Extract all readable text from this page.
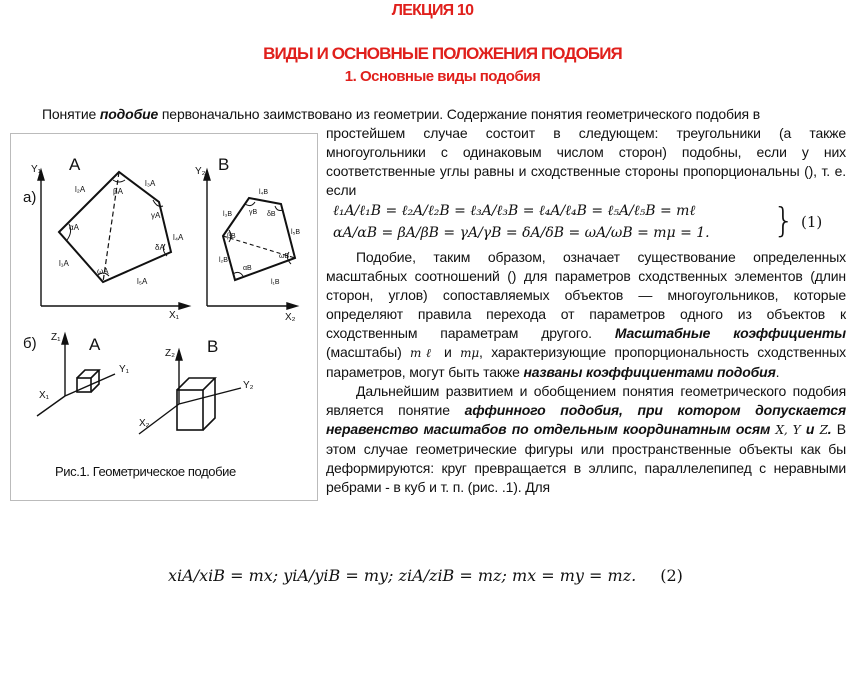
ЛЕКЦИЯ 10
ВИДЫ И ОСНОВНЫЕ ПОЛОЖЕНИЯ ПОДОБИЯ
1. Основные виды подобия
Понятие подобие первоначально заимствовано из геометрии. Содержание понятия геометрического подобия в
а)
б)
A	B
A	B
Y₁	Y₂
X₁	X₂
Z₁
Z₂
Y₁
Y₂
X₁
X₂
l₂A
l₃A
l₄A
l₅A
l₁A
αA
βA
γA
δA
ωA
l₄B
l₃B
l₂B
l₁B
l₅B
βB
γB δB
αB
ωB
Рис.1. Геометрическое подобие

простейшем случае состоит в следующем: треугольники (а также многоугольники с одинаковым числом сторон) подобны, если у них соответственные углы равны и сходственные стороны пропорциональны (), т. е. если

ℓ₁A/ℓ₁B = ℓ₂A/ℓ₂B = ℓ₃A/ℓ₃B = ℓ₄A/ℓ₄B = ℓ₅A/ℓ₅B = mℓ
αA/αB = βA/βB = γA/γB = δA/δB = ωA/ωB = mμ = 1. } (1)

Подобие, таким образом, означает существование определенных масштабных соотношений () для параметров сходственных элементов (длин сторон, углов) сопоставляемых объектов — многоугольников, которые определяют правила перехода от параметров одного из объектов к сходственным параметрам другого. Масштабные коэффициенты (масштабы) mℓ и mμ, характеризующие пропорциональность сходственных параметров, могут быть также названы коэффициентами подобия.

Дальнейшим развитием и обобщением понятия геометрического подобия является понятие аффинного подобия, при котором допускается неравенство масштабов по отдельным координатным осям X, Y и Z. В этом случае геометрические фигуры или пространственные объекты как бы деформируются: круг превращается в эллипс, параллелепипед с неравными ребрами - в куб и т. п. (рис. .1). Для

xiA/xiB = mx; yiA/yiB = my; ziA/ziB = mz; mx = my = mz. (2)
